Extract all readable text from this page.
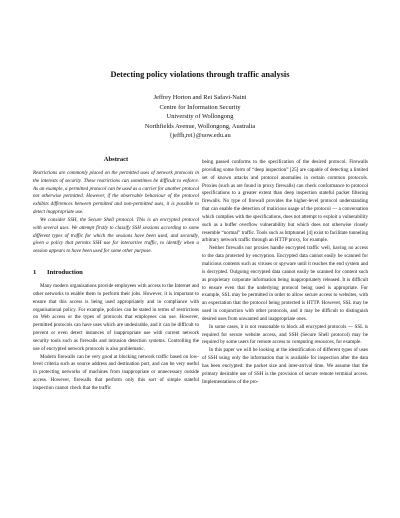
Detecting policy violations through traffic analysis
Jeffrey Horton and Rei Safavi-Naini
Centre for Information Security
University of Wollongong
Northfields Avenue, Wollongong, Australia
{jeffh,rei}@uow.edu.au
Abstract

Restrictions are commonly placed on the permitted uses of network protocols in the interests of security. These restrictions can sometimes be difficult to enforce. As an example, a permitted protocol can be used as a carrier for another protocol not otherwise permitted. However, if the observable behaviour of the protocol exhibits differences between permitted and non-permitted uses, it is possible to detect inappropriate use.

We consider SSH, the Secure Shell protocol. This is an encrypted protocol with several uses. We attempt firstly to classify SSH sessions according to some different types of traffic for which the sessions have been used, and secondly, given a policy that permits SSH use for interactive traffic, to identify when a session appears to have been used for some other purpose.

1 Introduction

Many modern organisations provide employees with access to the Internet and other networks to enable them to perform their jobs. However, it is important to ensure that this access is being used appropriately and in compliance with organisational policy. For example, policies can be stated in terms of restrictions on Web access or the types of protocols that employees can use. However, permitted protocols can have uses which are undesirable, and it can be difficult to prevent or even detect instances of inappropriate use with current network security tools such as firewalls and intrusion detection systems. Controlling the use of encrypted network protocols is also problematic.

Modern firewalls can be very good at blocking network traffic based on low-level criteria such as source address and destination port, and can be very useful in protecting networks of machines from inappropriate or unnecessary outside access. However, firewalls that perform only this sort of simple stateful inspection cannot check that the traffic

being passed conforms to the specification of the desired protocol. Firewalls providing some form of “deep inspection” [25] are capable of detecting a limited set of known attacks and protocol anomalies in certain common protocols. Proxies (such as are found in proxy firewalls) can check conformance to protocol specifications to a greater extent than deep inspection stateful packet filtering firewalls. No type of firewall provides the higher-level protocol understanding that can enable the detection of malicious usage of the protocol — a conversation which complies with the specifications, does not attempt to exploit a vulnerability such as a buffer overflow vulnerability but which does not otherwise closely resemble “normal” traffic. Tools such as httptunnel [4] exist to facilitate tunneling arbitrary network traffic through an HTTP proxy, for example.

Neither firewalls nor proxies handle encrypted traffic well, having no access to the data protected by encryption. Encrypted data cannot easily be scanned for malicious contents such as viruses or spyware until it reaches the end system and is decrypted. Outgoing encrypted data cannot easily be scanned for content such as proprietary corporate information being inappropriately released. It is difficult to ensure even that the underlying protocol being used is appropriate. For example, SSL may be permitted in order to allow secure access to websites, with an expectation that the protocol being protected is HTTP. However, SSL may be used in conjunction with other protocols, and it may be difficult to distinguish desired uses from unwanted and inappropriate ones.

In some cases, it is not reasonable to block all encrypted protocols — SSL is required for secure website access, and SSH (Secure Shell protocol) may be required by some users for remote access to computing resources, for example.

In this paper we will be looking at the identification of different types of uses of SSH using only the information that is available for inspection after the data has been encrypted: the packet size and inter-arrival time. We assume that the primary desirable use of SSH is the provision of secure remote terminal access. Implementations of the pro-
